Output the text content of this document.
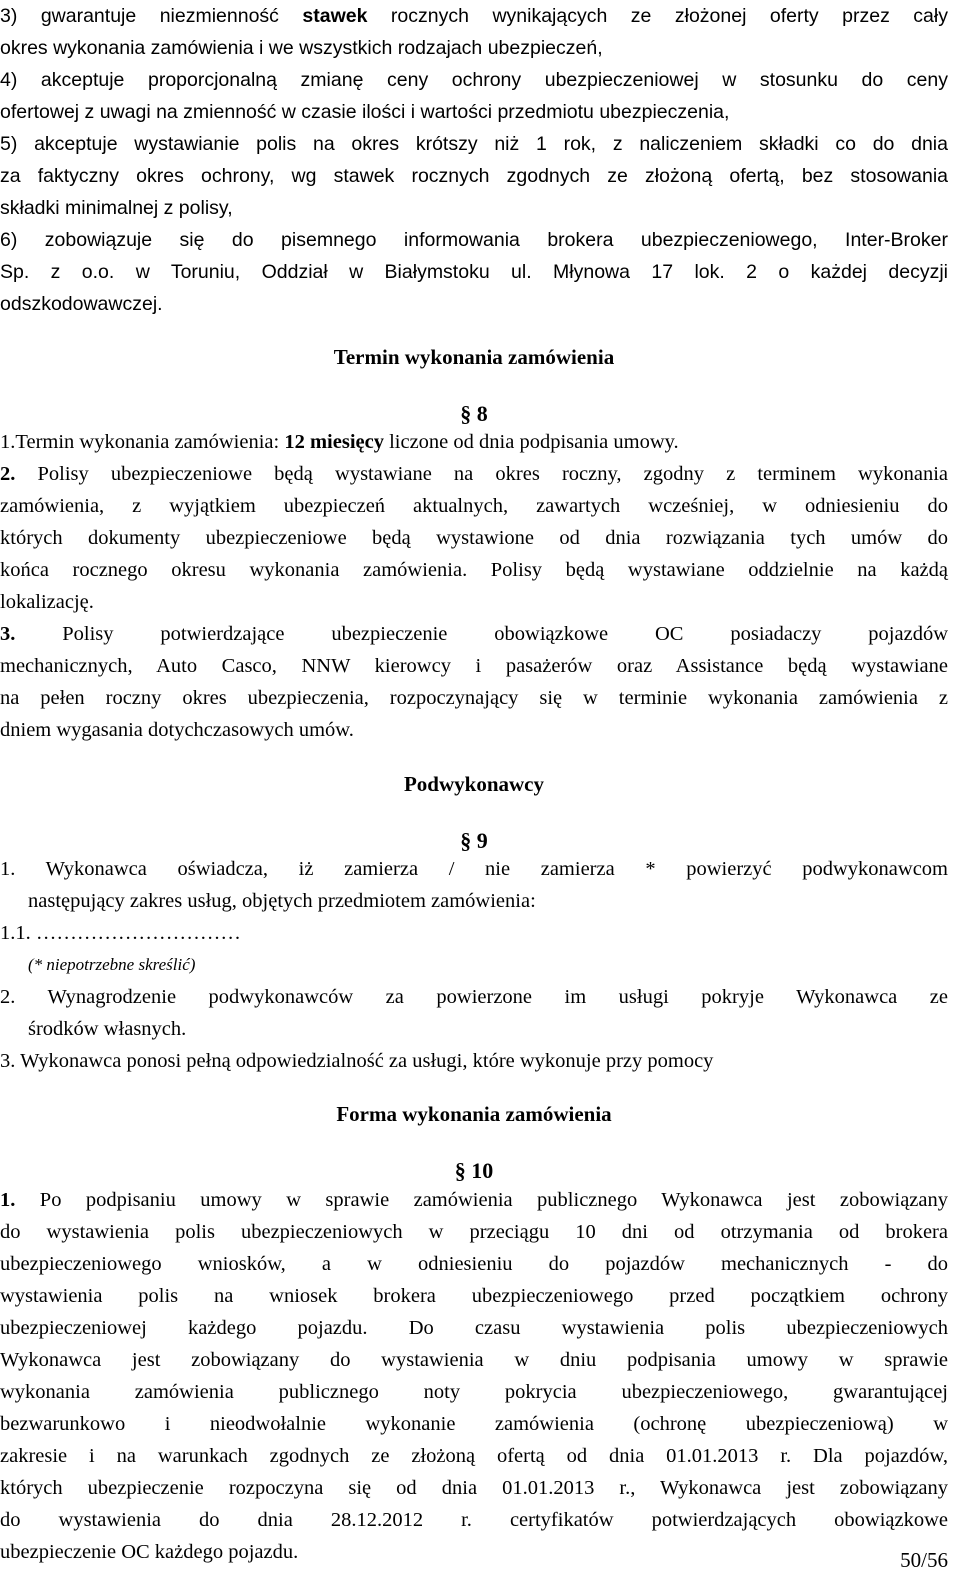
3) gwarantuje niezmienność stawek rocznych wynikających ze złożonej oferty przez cały
okres wykonania zamówienia i we wszystkich rodzajach ubezpieczeń,
4) akceptuje proporcjonalną zmianę ceny ochrony ubezpieczeniowej w stosunku do ceny
ofertowej z uwagi na zmienność w czasie ilości i wartości przedmiotu ubezpieczenia,
5) akceptuje wystawianie polis na okres krótszy niż 1 rok, z naliczeniem składki co do dnia
za faktyczny okres ochrony, wg stawek rocznych zgodnych ze złożoną ofertą, bez stosowania
składki minimalnej z polisy,
6) zobowiązuje się do pisemnego informowania brokera ubezpieczeniowego, Inter-Broker
Sp. z o.o. w Toruniu, Oddział w Białymstoku ul. Młynowa 17 lok. 2 o każdej decyzji
odszkodowawczej.
Termin wykonania zamówienia
§ 8
1.Termin wykonania zamówienia: 12 miesięcy liczone od dnia podpisania umowy.
2. Polisy ubezpieczeniowe będą wystawiane na okres roczny, zgodny z terminem wykonania
zamówienia, z wyjątkiem ubezpieczeń aktualnych, zawartych wcześniej, w odniesieniu do
których dokumenty ubezpieczeniowe będą wystawione od dnia rozwiązania tych umów do
końca rocznego okresu wykonania zamówienia. Polisy będą wystawiane oddzielnie na każdą
lokalizację.
3. Polisy potwierdzające ubezpieczenie obowiązkowe OC posiadaczy pojazdów
mechanicznych, Auto Casco, NNW kierowcy i pasażerów oraz Assistance będą wystawiane
na pełen roczny okres ubezpieczenia, rozpoczynający się w terminie wykonania zamówienia z
dniem wygasania dotychczasowych umów.
Podwykonawcy
§ 9
1. Wykonawca oświadcza, iż zamierza / nie zamierza * powierzyć podwykonawcom
następujący zakres usług, objętych przedmiotem zamówienia:
1.1. …………………………
(* niepotrzebne skreślić)
2. Wynagrodzenie podwykonawców za powierzone im usługi pokryje Wykonawca ze
środków własnych.
3. Wykonawca ponosi pełną odpowiedzialność za usługi, które wykonuje przy pomocy
Forma wykonania zamówienia
§ 10
1. Po podpisaniu umowy w sprawie zamówienia publicznego Wykonawca jest zobowiązany
do wystawienia polis ubezpieczeniowych w przeciągu 10 dni od otrzymania od brokera
ubezpieczeniowego wniosków, a w odniesieniu do pojazdów mechanicznych - do
wystawienia polis na wniosek brokera ubezpieczeniowego przed początkiem ochrony
ubezpieczeniowej każdego pojazdu. Do czasu wystawienia polis ubezpieczeniowych
Wykonawca jest zobowiązany do wystawienia w dniu podpisania umowy w sprawie
wykonania zamówienia publicznego noty pokrycia ubezpieczeniowego, gwarantującej
bezwarunkowo i nieodwołalnie wykonanie zamówienia (ochronę ubezpieczeniową) w
zakresie i na warunkach zgodnych ze złożoną ofertą od dnia 01.01.2013 r. Dla pojazdów,
których ubezpieczenie rozpoczyna się od dnia 01.01.2013 r., Wykonawca jest zobowiązany
do wystawienia do dnia 28.12.2012 r. certyfikatów potwierdzających obowiązkowe
ubezpieczenie OC każdego pojazdu.	50/56
